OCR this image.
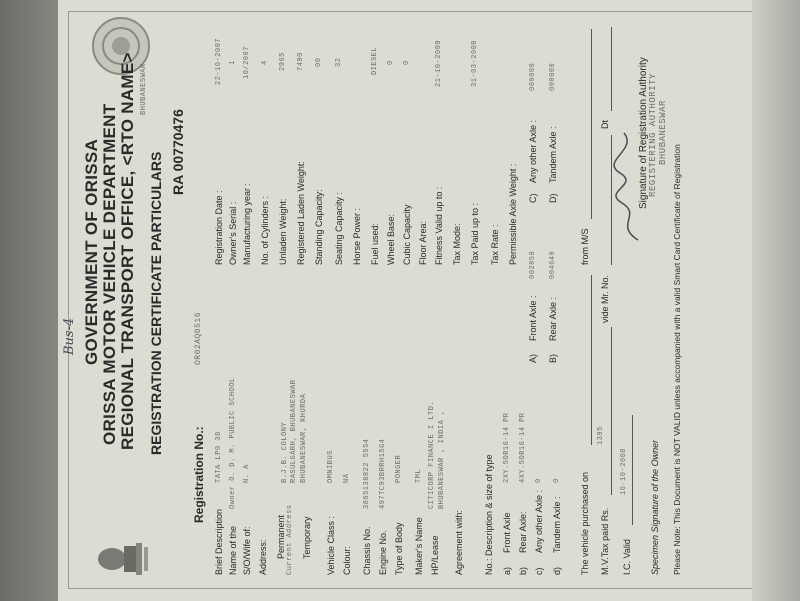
GOVERNMENT OF ORISSA ORISSA MOTOR VEHICLE DEPARTMENT REGIONAL TRANSPORT OFFICE, <RTO NAME> BHUBANESWAR
REGISTRATION CERTIFICATE PARTICULARS RA 00770476
Registration No.:
OR02AQ0516
Bus-4
Brief Description
TATA LP0 38
Name of the
Owner O. D. M. PUBLIC SCHOOL
S/O/Wife of:
N. A
Address: Permanent Current Address
B.J.B. COLONY RASULGARH, BHUBANESWAR
Temporary
BHUBANESWAR, KHURDA
Vehicle Class :
OMNIBUS
Colour:
NA
Chassis No.
3865138822 5554
Engine No.
497TC93BRRH15G4
Type of Body
PONGER
Maker's Name
TML
HP/Lease
CITICORP FINANCE I LTD. BHUBANESWAR , INDIA ,
Agreement with:
Registration Date :
22-10-2007
Owner's Serial :
1
Manufacturing year :
10/2007
No. of Cylinders :
4
Unladen Weight:
2965
Registered Laden Weight:
7490
Standing Capacity:
00
Seating Capacity :
32
Horse Power : Fuel used:
DIESEL
Wheel Base:
0
Cubic Capacity
0
Floor Area: Fitness Valid up to :
21-10-2009
Tax Mode: Tax Paid up to :
31-03-2008
No.: Description & size of type
Tax Rate : Permissible Axle Weight :
a)
Front Axle
2XY.5OR16-14 PR
b)
Rear Axle:
4XY.5OR16-14 PR
c)
Any other Axle :
0
d)
Tandem Axle :
0
A)
Front Axle :
002850
B)
Rear Axle :
004640
C)
Any other Axle :
000000
D)
Tandem Axle :
000000
The vehicle purchased on
from M/S
M.V.Tax paid Rs.
1395
vide Mr. No.
Dt
I.C. Valid
16-10-2008 Specimen Signature of the Owner
Signature of Registration Authority REGISTERING AUTHORITY BHUBANESWAR
Please Note: This Document is NOT VALID unless accompanied with a valid Smart Card Certificate of Registration
